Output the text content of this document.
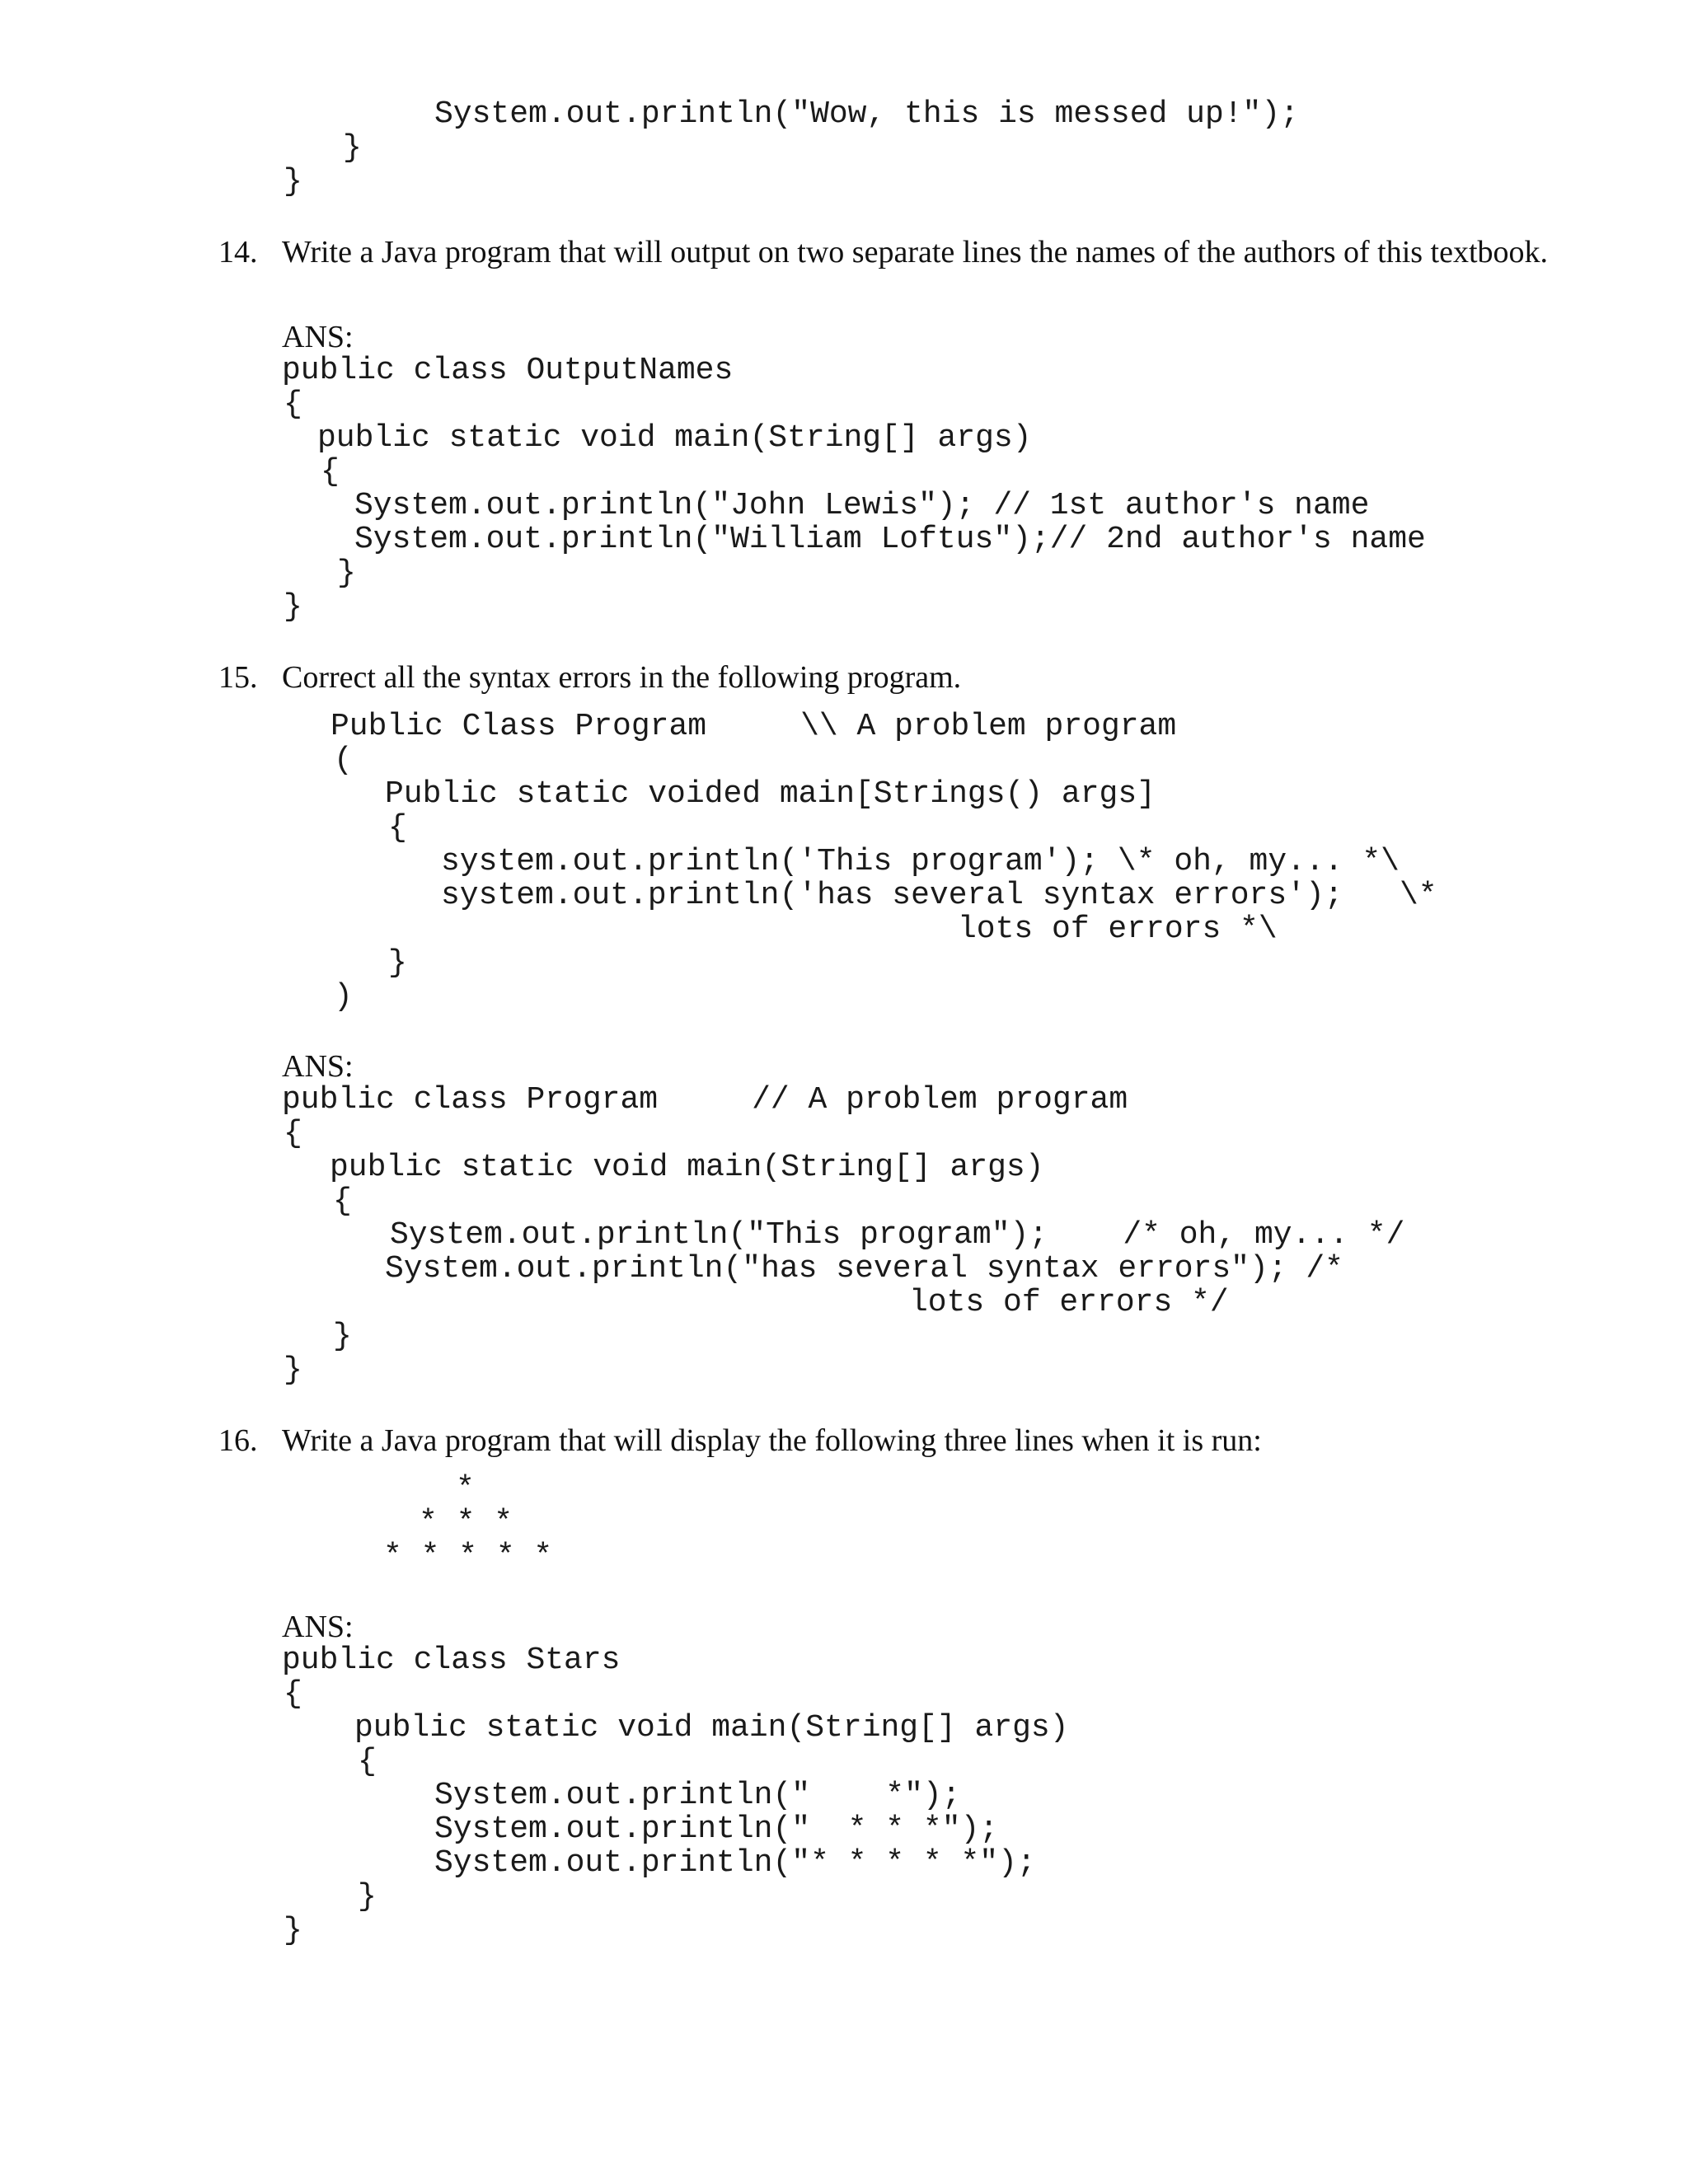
System.out.println("Wow, this is messed up!");
}
}
14. Write a Java program that will output on two separate lines the names of the authors of this textbook.
ANS:
public class OutputNames
{
public static void main(String[] args)
{
System.out.println("John Lewis"); // 1st author's name
System.out.println("William Loftus");// 2nd author's name
}
}
15. Correct all the syntax errors in the following program.
Public Class Program     \\ A problem program
(
Public static voided main[Strings() args]
{
system.out.println('This program'); \* oh, my... *\
system.out.println('has several syntax errors');   \*
lots of errors *\
}
)
ANS:
public class Program     // A problem program
{
public static void main(String[] args)
{
System.out.println("This program");    /* oh, my... */
System.out.println("has several syntax errors"); /*
lots of errors */
}
}
16. Write a Java program that will display the following three lines when it is run:
*
* * *
* * * * *
ANS:
public class Stars
{
public static void main(String[] args)
{
System.out.println("    *");
System.out.println("  * * *");
System.out.println("* * * * *");
}
}
